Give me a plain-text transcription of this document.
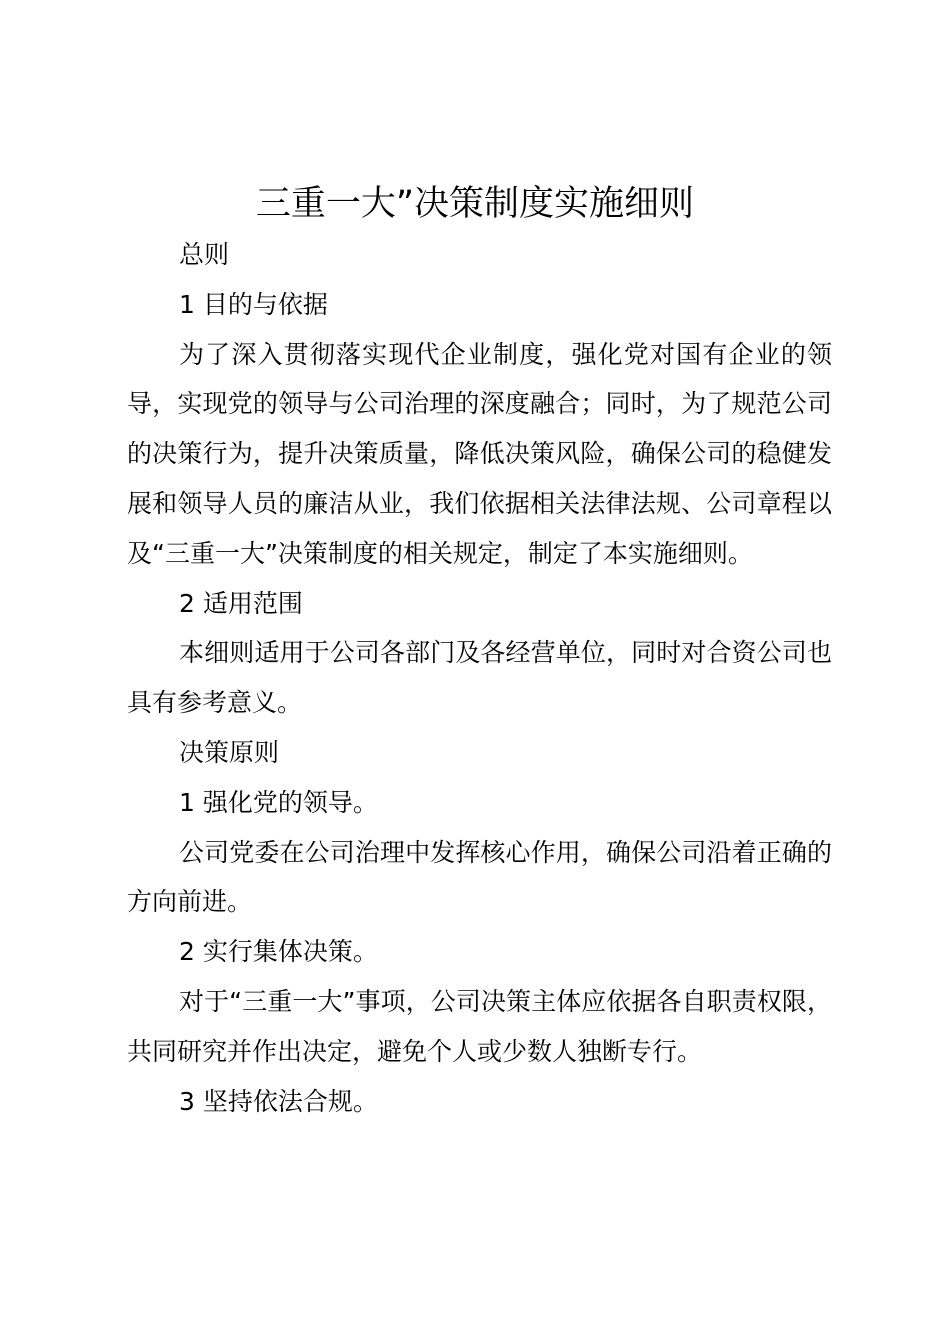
三重一大”决策制度实施细则

总则

1 目的与依据

为了深入贯彻落实现代企业制度，强化党对国有企业的领导，实现党的领导与公司治理的深度融合；同时，为了规范公司的决策行为，提升决策质量，降低决策风险，确保公司的稳健发展和领导人员的廉洁从业，我们依据相关法律法规、公司章程以及“三重一大”决策制度的相关规定，制定了本实施细则。

2 适用范围

本细则适用于公司各部门及各经营单位，同时对合资公司也具有参考意义。

决策原则

1 强化党的领导。

公司党委在公司治理中发挥核心作用，确保公司沿着正确的方向前进。

2 实行集体决策。

对于“三重一大”事项，公司决策主体应依据各自职责权限，共同研究并作出决定，避免个人或少数人独断专行。

3 坚持依法合规。
